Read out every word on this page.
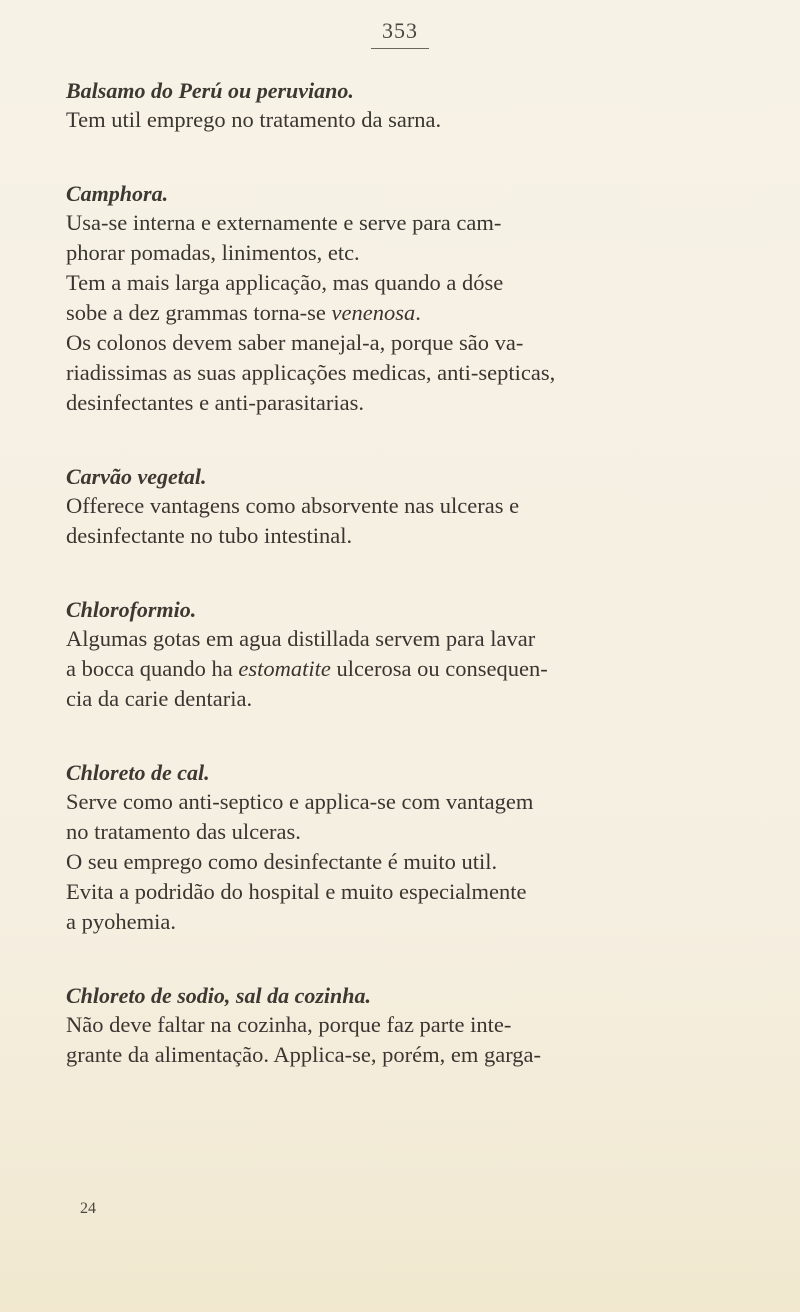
353
Balsamo do Perú ou peruviano.

Tem util emprego no tratamento da sarna.

Camphora.

Usa-se interna e externamente e serve para cam-

phorar pomadas, linimentos, etc.

Tem a mais larga applicação, mas quando a dóse

sobe a dez grammas torna-se venenosa.

Os colonos devem saber manejal-a, porque são va-

riadissimas as suas applicações medicas, anti-septicas,

desinfectantes e anti-parasitarias.

Carvão vegetal.

Offerece vantagens como absorvente nas ulceras e

desinfectante no tubo intestinal.

Chloroformio.

Algumas gotas em agua distillada servem para lavar

a bocca quando ha estomatite ulcerosa ou consequen-

cia da carie dentaria.

Chloreto de cal.

Serve como anti-septico e applica-se com vantagem

no tratamento das ulceras.

O seu emprego como desinfectante é muito util.

Evita a podridão do hospital e muito especialmente

a pyohemia.

Chloreto de sodio, sal da cozinha.

Não deve faltar na cozinha, porque faz parte inte-

grante da alimentação. Applica-se, porém, em garga-

24
